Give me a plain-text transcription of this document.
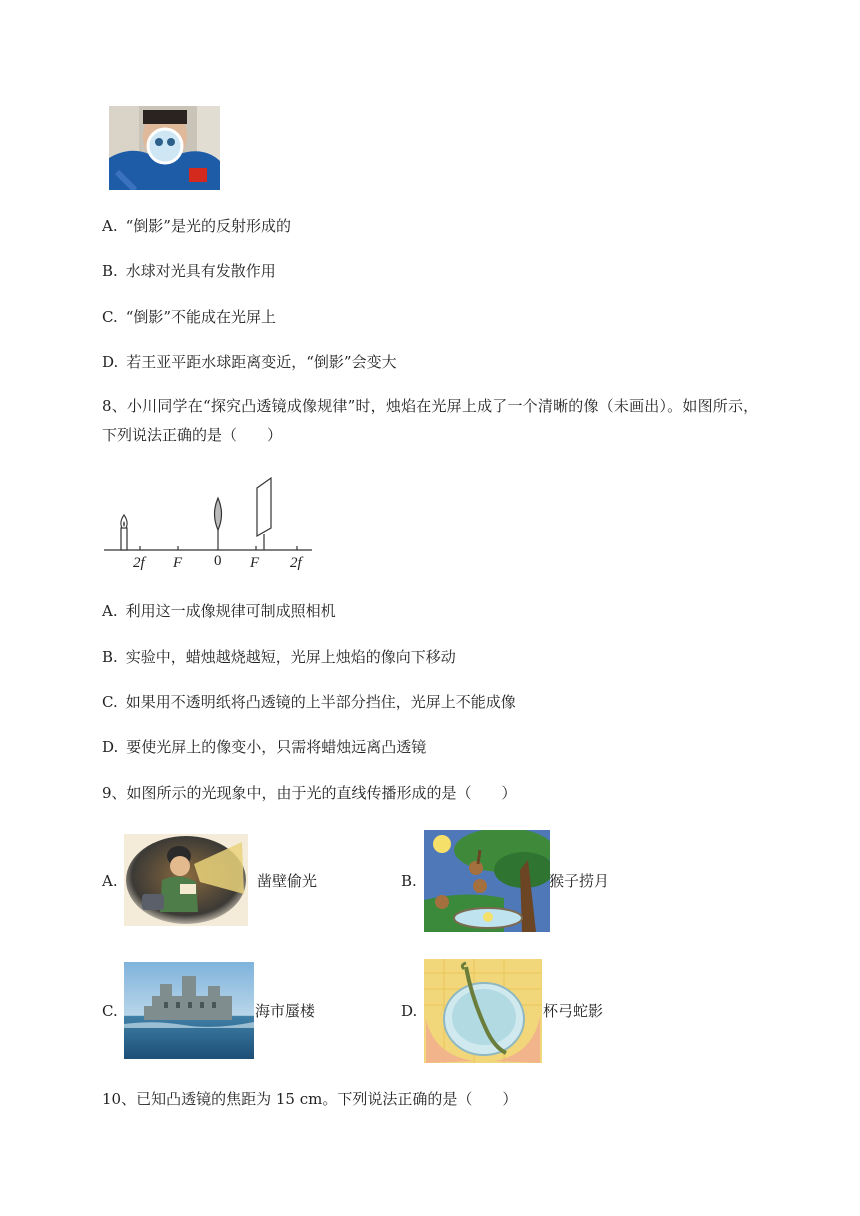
A. “倒影”是光的反射形成的
B. 水球对光具有发散作用
C. “倒影”不能成在光屏上
D. 若王亚平距水球距离变近，“倒影”会变大
8、小川同学在“探究凸透镜成像规律”时，烛焰在光屏上成了一个清晰的像（未画出）。如图所示，
下列说法正确的是（　　）
2f F 0 F 2f
A. 利用这一成像规律可制成照相机
B. 实验中，蜡烛越烧越短，光屏上烛焰的像向下移动
C. 如果用不透明纸将凸透镜的上半部分挡住，光屏上不能成像
D. 要使光屏上的像变小，只需将蜡烛远离凸透镜
9、如图所示的光现象中，由于光的直线传播形成的是（　　）
A.	凿壁偷光	B.	猴子捞月
C.	海市蜃楼	D.	杯弓蛇影
10、已知凸透镜的焦距为 15 cm。下列说法正确的是（　　）
